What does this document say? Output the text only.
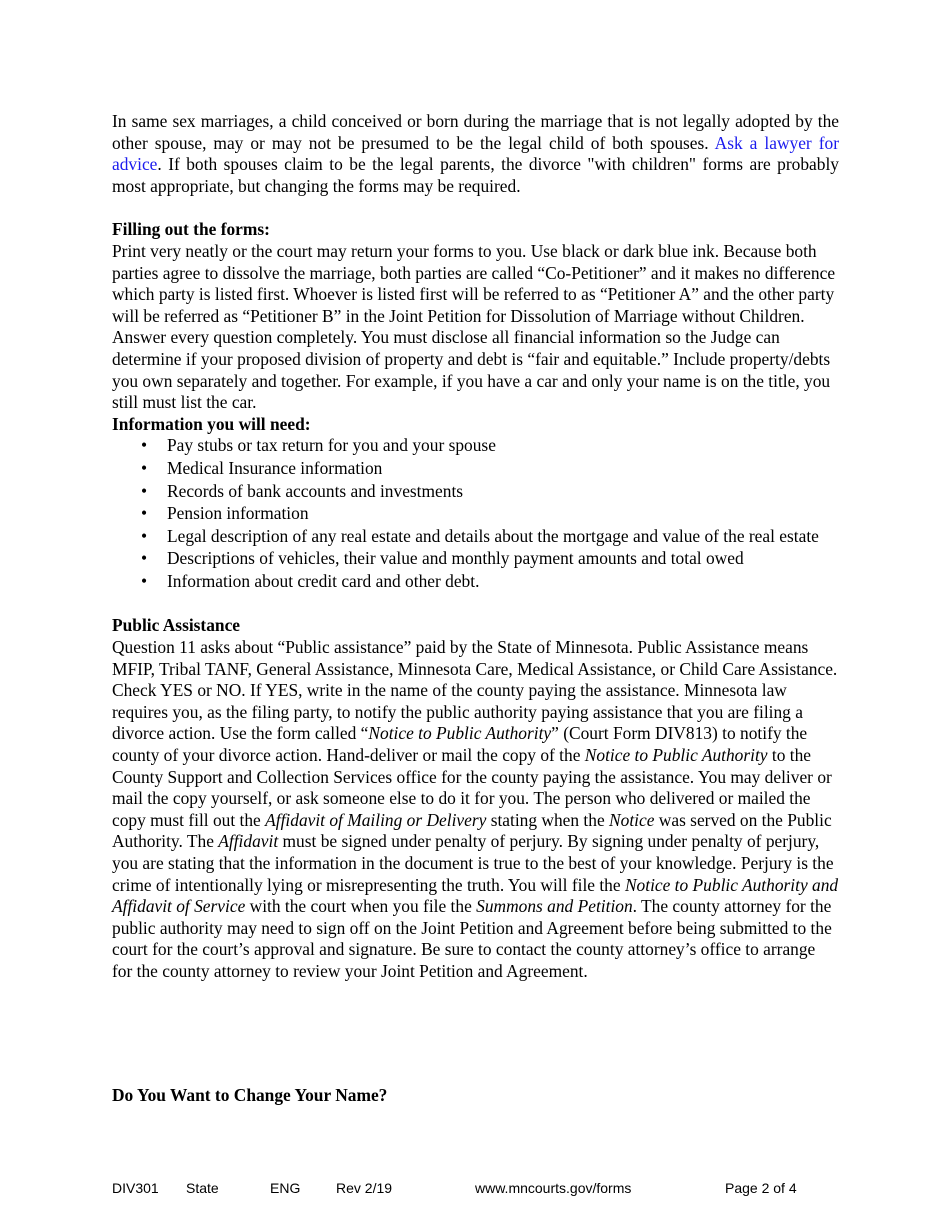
In same sex marriages, a child conceived or born during the marriage that is not legally adopted by the other spouse, may or may not be presumed to be the legal child of both spouses. Ask a lawyer for advice. If both spouses claim to be the legal parents, the divorce "with children" forms are probably most appropriate, but changing the forms may be required.

Filling out the forms:

Print very neatly or the court may return your forms to you. Use black or dark blue ink. Because both parties agree to dissolve the marriage, both parties are called “Co-Petitioner” and it makes no difference which party is listed first. Whoever is listed first will be referred to as “Petitioner A” and the other party will be referred as “Petitioner B” in the Joint Petition for Dissolution of Marriage without Children. Answer every question completely. You must disclose all financial information so the Judge can determine if your proposed division of property and debt is “fair and equitable.” Include property/debts you own separately and together. For example, if you have a car and only your name is on the title, you still must list the car.

Information you will need:
• Pay stubs or tax return for you and your spouse
• Medical Insurance information
• Records of bank accounts and investments
• Pension information
• Legal description of any real estate and details about the mortgage and value of the real estate
• Descriptions of vehicles, their value and monthly payment amounts and total owed
• Information about credit card and other debt.
Public Assistance

Question 11 asks about “Public assistance” paid by the State of Minnesota. Public Assistance means MFIP, Tribal TANF, General Assistance, Minnesota Care, Medical Assistance, or Child Care Assistance. Check YES or NO. If YES, write in the name of the county paying the assistance. Minnesota law requires you, as the filing party, to notify the public authority paying assistance that you are filing a divorce action. Use the form called “Notice to Public Authority” (Court Form DIV813) to notify the county of your divorce action. Hand-deliver or mail the copy of the Notice to Public Authority to the County Support and Collection Services office for the county paying the assistance. You may deliver or mail the copy yourself, or ask someone else to do it for you. The person who delivered or mailed the copy must fill out the Affidavit of Mailing or Delivery stating when the Notice was served on the Public Authority. The Affidavit must be signed under penalty of perjury. By signing under penalty of perjury, you are stating that the information in the document is true to the best of your knowledge. Perjury is the crime of intentionally lying or misrepresenting the truth. You will file the Notice to Public Authority and Affidavit of Service with the court when you file the Summons and Petition. The county attorney for the public authority may need to sign off on the Joint Petition and Agreement before being submitted to the court for the court’s approval and signature. Be sure to contact the county attorney’s office to arrange for the county attorney to review your Joint Petition and Agreement.

Do You Want to Change Your Name?
DIV301 State	ENG	Rev 2/19	www.mncourts.gov/forms	Page 2 of 4
